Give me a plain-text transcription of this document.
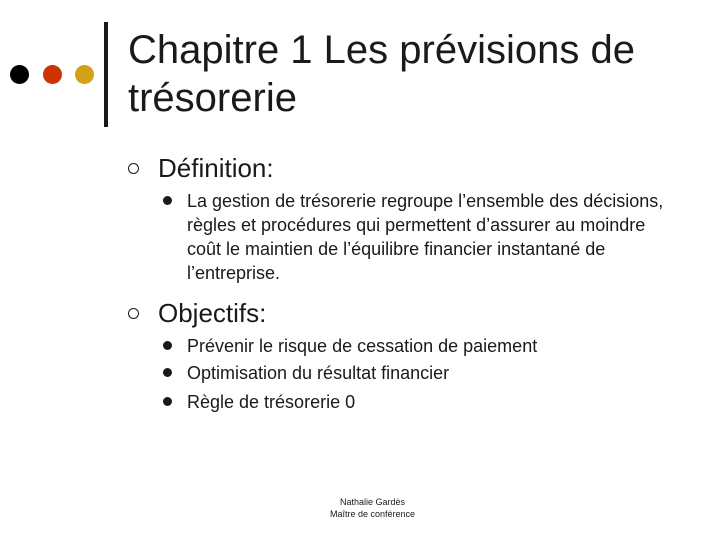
Chapitre 1 Les prévisions de trésorerie
Définition:
La gestion de trésorerie regroupe l’ensemble des décisions, règles et procédures qui permettent d’assurer au moindre coût le maintien de l’équilibre financier instantané de l’entreprise.
Objectifs:
Prévenir le risque de cessation de paiement
Optimisation du résultat financier
Règle de trésorerie 0
Nathalie Gardès
Maître de conférence
